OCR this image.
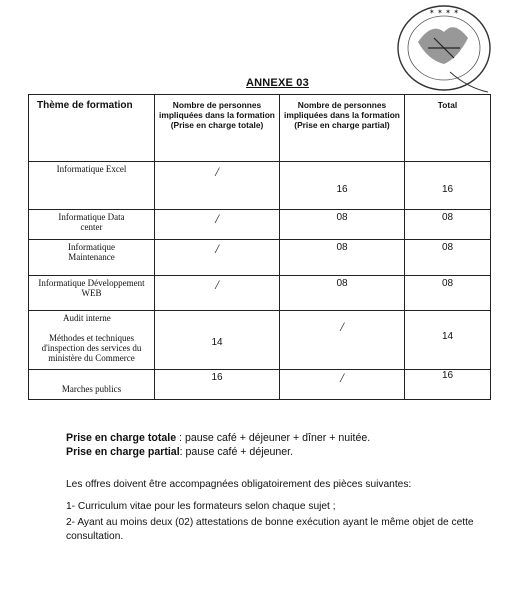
✶ ✶ ✶ ✶
ANNEXE 03
Thème de formation	Nombre de personnes impliquées dans la formation (Prise en charge totale)	Nombre de personnes impliquées dans la formation (Prise en charge partial)	Total
Informatique Excel	/	16	16
Informatique Data center	/	08	08
Informatique Maintenance	/	08	08
Informatique Développement WEB	/	08	08

Audit interne
Méthodes et techniques d'inspection des services du ministère du Commerce	14	/	14
Marches publics	16	/	16
Prise en charge totale : pause café + déjeuner + dîner + nuitée.
Prise en charge partial: pause café + déjeuner.
Les offres doivent être accompagnées obligatoirement des pièces suivantes:
1- Curriculum vitae pour les formateurs selon chaque sujet ;
2- Ayant au moins deux (02) attestations de bonne exécution ayant le même objet de cette consultation.
